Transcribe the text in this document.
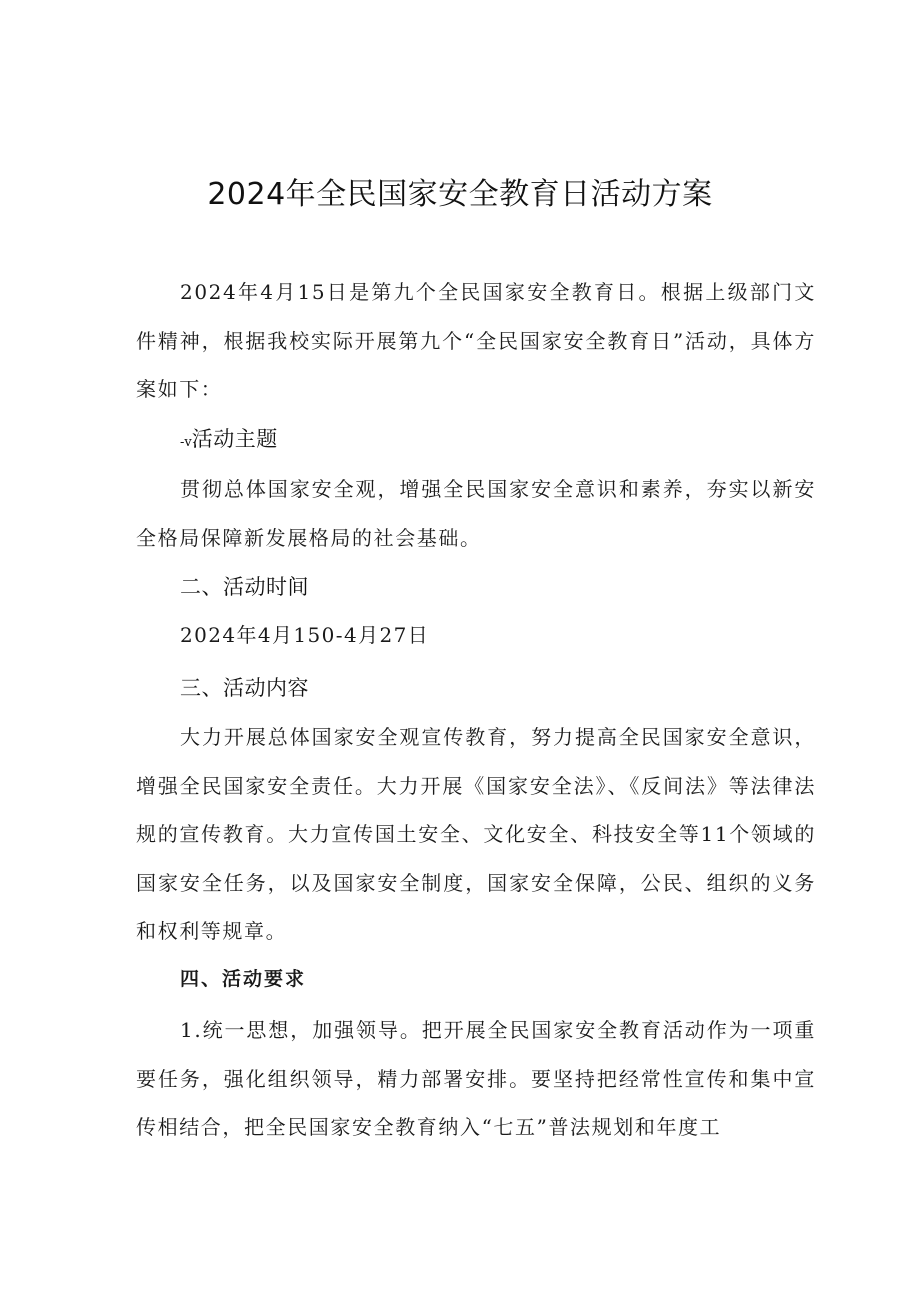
2024年全民国家安全教育日活动方案

2024年4月15日是第九个全民国家安全教育日。根据上级部门文件精神，根据我校实际开展第九个“全民国家安全教育日”活动，具体方案如下：

-v活动主题

贯彻总体国家安全观，增强全民国家安全意识和素养，夯实以新安全格局保障新发展格局的社会基础。

二、活动时间

2024年4月150-4月27日

三、活动内容

大力开展总体国家安全观宣传教育，努力提高全民国家安全意识，增强全民国家安全责任。大力开展《国家安全法》、《反间法》等法律法规的宣传教育。大力宣传国土安全、文化安全、科技安全等11个领域的国家安全任务，以及国家安全制度，国家安全保障，公民、组织的义务和权利等规章。

四、活动要求

1.统一思想，加强领导。把开展全民国家安全教育活动作为一项重要任务，强化组织领导，精力部署安排。要坚持把经常性宣传和集中宣传相结合，把全民国家安全教育纳入“七五”普法规划和年度工
